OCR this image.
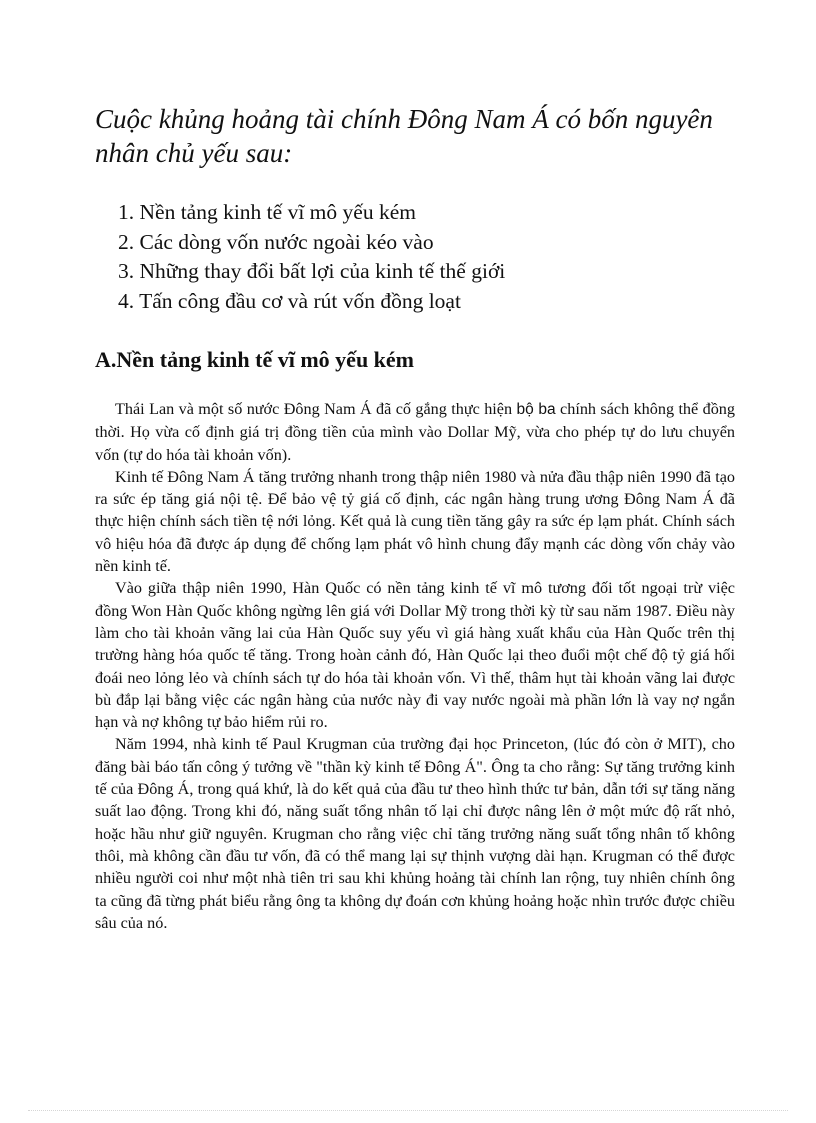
Cuộc khủng hoảng tài chính Đông Nam Á có bốn nguyên nhân chủ yếu sau:
1. Nền tảng kinh tế vĩ mô yếu kém
2. Các dòng vốn nước ngoài kéo vào
3. Những thay đổi bất lợi của kinh tế thế giới
4. Tấn công đầu cơ và rút vốn đồng loạt
A.Nền tảng kinh tế vĩ mô yếu kém

Thái Lan và một số nước Đông Nam Á đã cố gắng thực hiện bộ ba chính sách không thể đồng thời. Họ vừa cố định giá trị đồng tiền của mình vào Dollar Mỹ, vừa cho phép tự do lưu chuyển vốn (tự do hóa tài khoản vốn).

Kinh tế Đông Nam Á tăng trưởng nhanh trong thập niên 1980 và nửa đầu thập niên 1990 đã tạo ra sức ép tăng giá nội tệ. Để bảo vệ tỷ giá cố định, các ngân hàng trung ương Đông Nam Á đã thực hiện chính sách tiền tệ nới lỏng. Kết quả là cung tiền tăng gây ra sức ép lạm phát. Chính sách vô hiệu hóa đã được áp dụng để chống lạm phát vô hình chung đẩy mạnh các dòng vốn chảy vào nền kinh tế.

Vào giữa thập niên 1990, Hàn Quốc có nền tảng kinh tế vĩ mô tương đối tốt ngoại trừ việc đồng Won Hàn Quốc không ngừng lên giá với Dollar Mỹ trong thời kỳ từ sau năm 1987. Điều này làm cho tài khoản vãng lai của Hàn Quốc suy yếu vì giá hàng xuất khẩu của Hàn Quốc trên thị trường hàng hóa quốc tế tăng. Trong hoàn cảnh đó, Hàn Quốc lại theo đuổi một chế độ tỷ giá hối đoái neo lỏng lẻo và chính sách tự do hóa tài khoản vốn. Vì thế, thâm hụt tài khoản vãng lai được bù đắp lại bằng việc các ngân hàng của nước này đi vay nước ngoài mà phần lớn là vay nợ ngắn hạn và nợ không tự bảo hiểm rủi ro.

Năm 1994, nhà kinh tế Paul Krugman của trường đại học Princeton, (lúc đó còn ở MIT), cho đăng bài báo tấn công ý tưởng về "thần kỳ kinh tế Đông Á". Ông ta cho rằng: Sự tăng trưởng kinh tế của Đông Á, trong quá khứ, là do kết quả của đầu tư theo hình thức tư bản, dẫn tới sự tăng năng suất lao động. Trong khi đó, năng suất tổng nhân tố lại chỉ được nâng lên ở một mức độ rất nhỏ, hoặc hầu như giữ nguyên. Krugman cho rằng việc chỉ tăng trưởng năng suất tổng nhân tố không thôi, mà không cần đầu tư vốn, đã có thể mang lại sự thịnh vượng dài hạn. Krugman có thể được nhiều người coi như một nhà tiên tri sau khi khủng hoảng tài chính lan rộng, tuy nhiên chính ông ta cũng đã từng phát biểu rằng ông ta không dự đoán cơn khủng hoảng hoặc nhìn trước được chiều sâu của nó.
